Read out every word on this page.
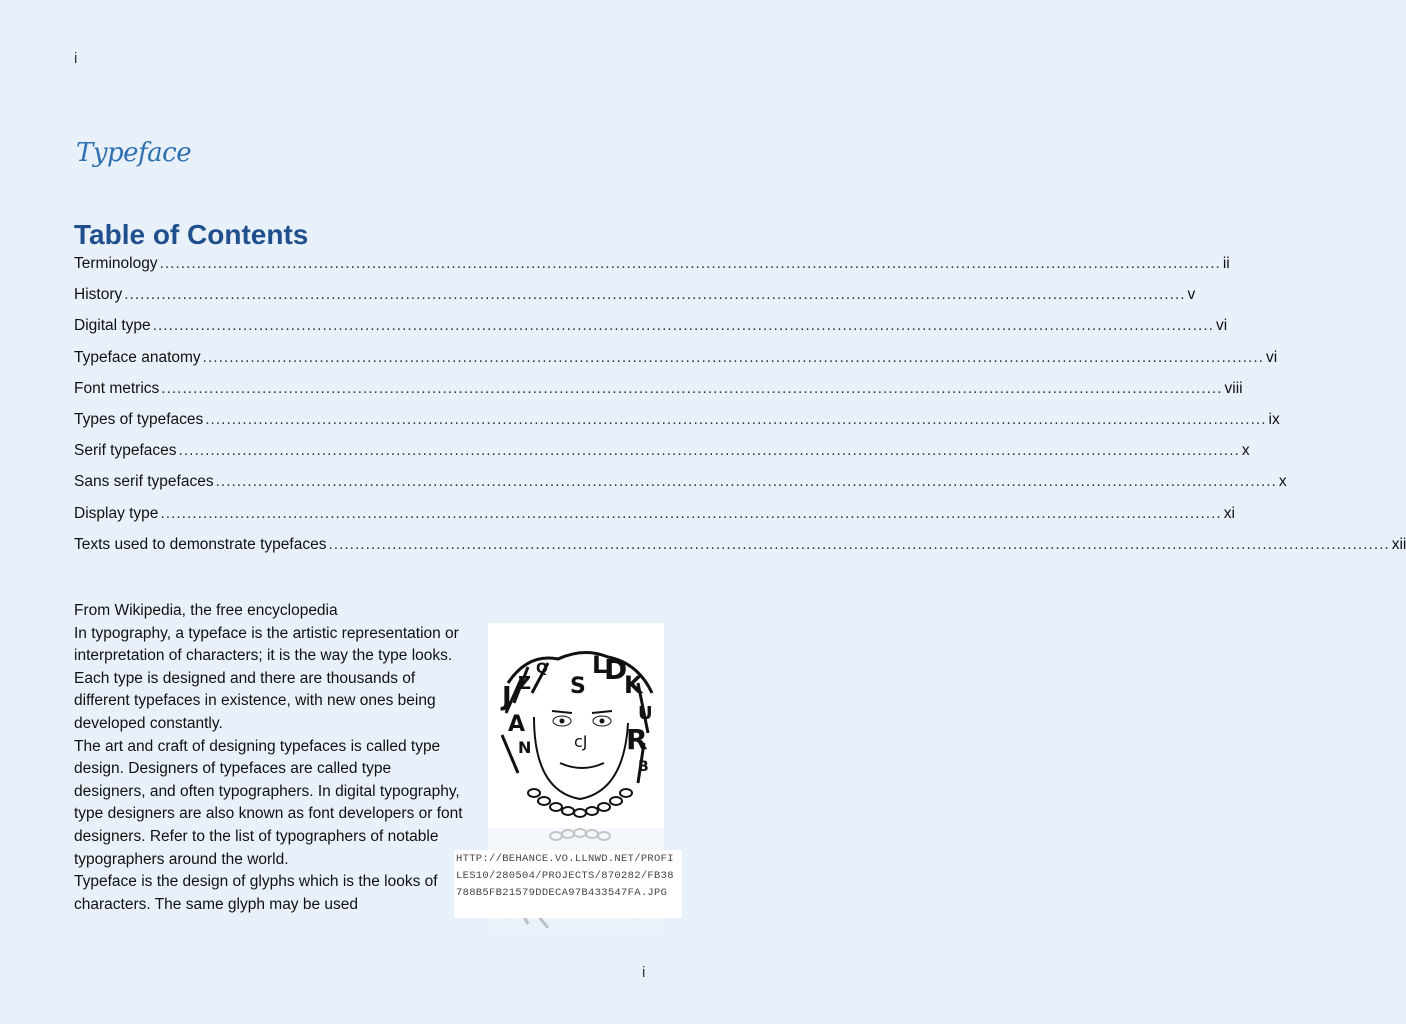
i
Typeface
Table of Contents
Terminology ........................................................................................................................................................................................................ ii
History ........................................................................................................................................................................................................ v
Digital type ........................................................................................................................................................................................................ vi
Typeface anatomy ........................................................................................................................................................................................................ vi
Font metrics ........................................................................................................................................................................................................ viii
Types of typefaces ........................................................................................................................................................................................................ ix
Serif typefaces ........................................................................................................................................................................................................ x
Sans serif typefaces ........................................................................................................................................................................................................ x
Display type ........................................................................................................................................................................................................ xi
Texts used to demonstrate typefaces ........................................................................................................................................................................................................ xii

From Wikipedia, the free encyclopedia

In typography, a typeface is the artistic representation or interpretation of characters; it is the way the type looks. Each type is designed and there are thousands of different typefaces in existence, with new ones being developed constantly.

The art and craft of designing typefaces is called type design. Designers of typefaces are called type designers, and often typographers. In digital typography, type designers are also known as font developers or font designers. Refer to the list of typographers of notable typographers around the world.

Typeface is the design of glyphs which is the looks of characters. The same glyph may be used

S
L
D
K
U
J Z
A
Q
R
B
N	cJ
HTTP://BEHANCE.VO.LLNWD.NET/PROFILES10/280504/PROJECTS/870282/FB38788B5FB21579DDECA97B433547FA.JPG
i
